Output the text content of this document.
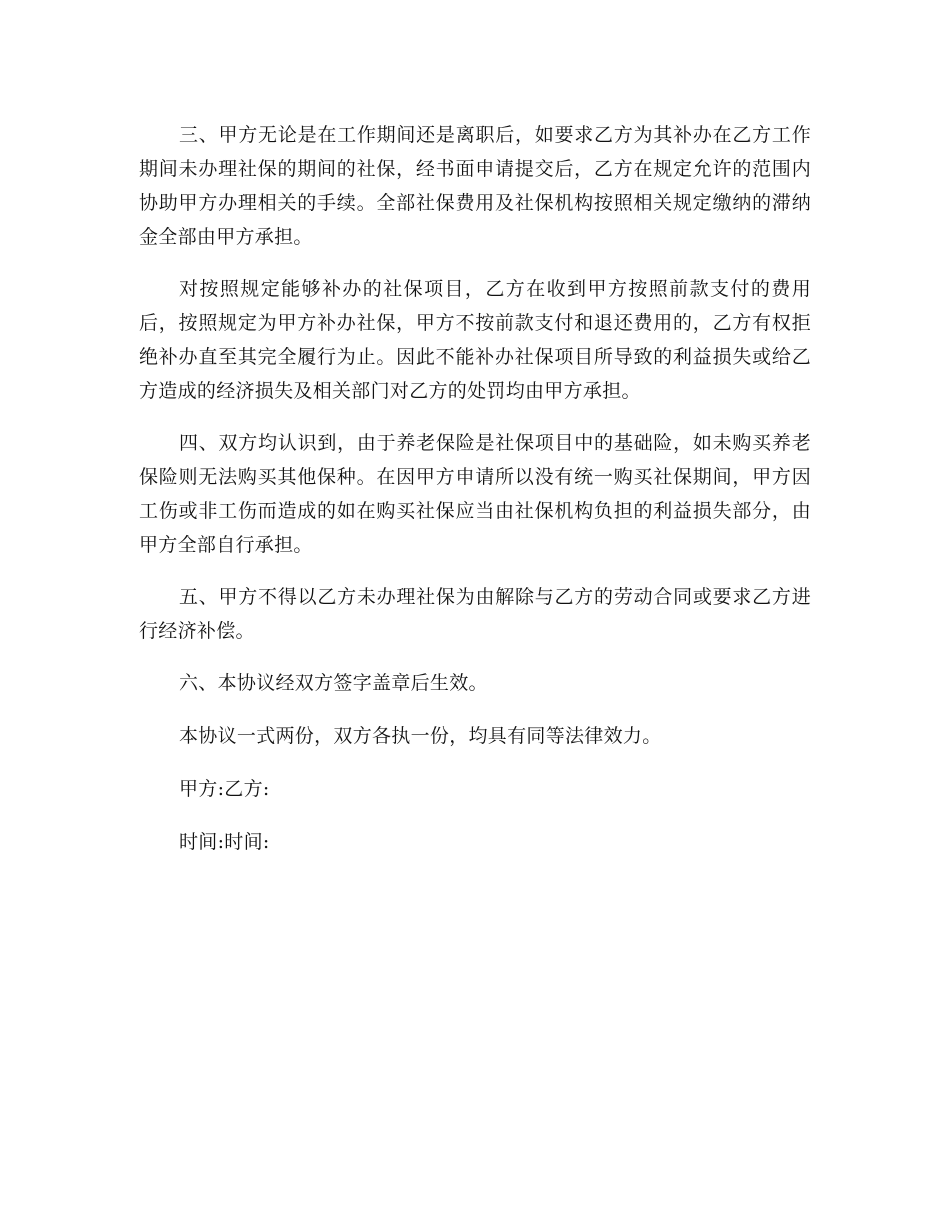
三、甲方无论是在工作期间还是离职后，如要求乙方为其补办在乙方工作期间未办理社保的期间的社保，经书面申请提交后，乙方在规定允许的范围内协助甲方办理相关的手续。全部社保费用及社保机构按照相关规定缴纳的滞纳金全部由甲方承担。

对按照规定能够补办的社保项目，乙方在收到甲方按照前款支付的费用后，按照规定为甲方补办社保，甲方不按前款支付和退还费用的，乙方有权拒绝补办直至其完全履行为止。因此不能补办社保项目所导致的利益损失或给乙方造成的经济损失及相关部门对乙方的处罚均由甲方承担。

四、双方均认识到，由于养老保险是社保项目中的基础险，如未购买养老保险则无法购买其他保种。在因甲方申请所以没有统一购买社保期间，甲方因工伤或非工伤而造成的如在购买社保应当由社保机构负担的利益损失部分，由甲方全部自行承担。

五、甲方不得以乙方未办理社保为由解除与乙方的劳动合同或要求乙方进行经济补偿。

六、本协议经双方签字盖章后生效。

本协议一式两份，双方各执一份，均具有同等法律效力。

甲方:乙方:

时间:时间:
